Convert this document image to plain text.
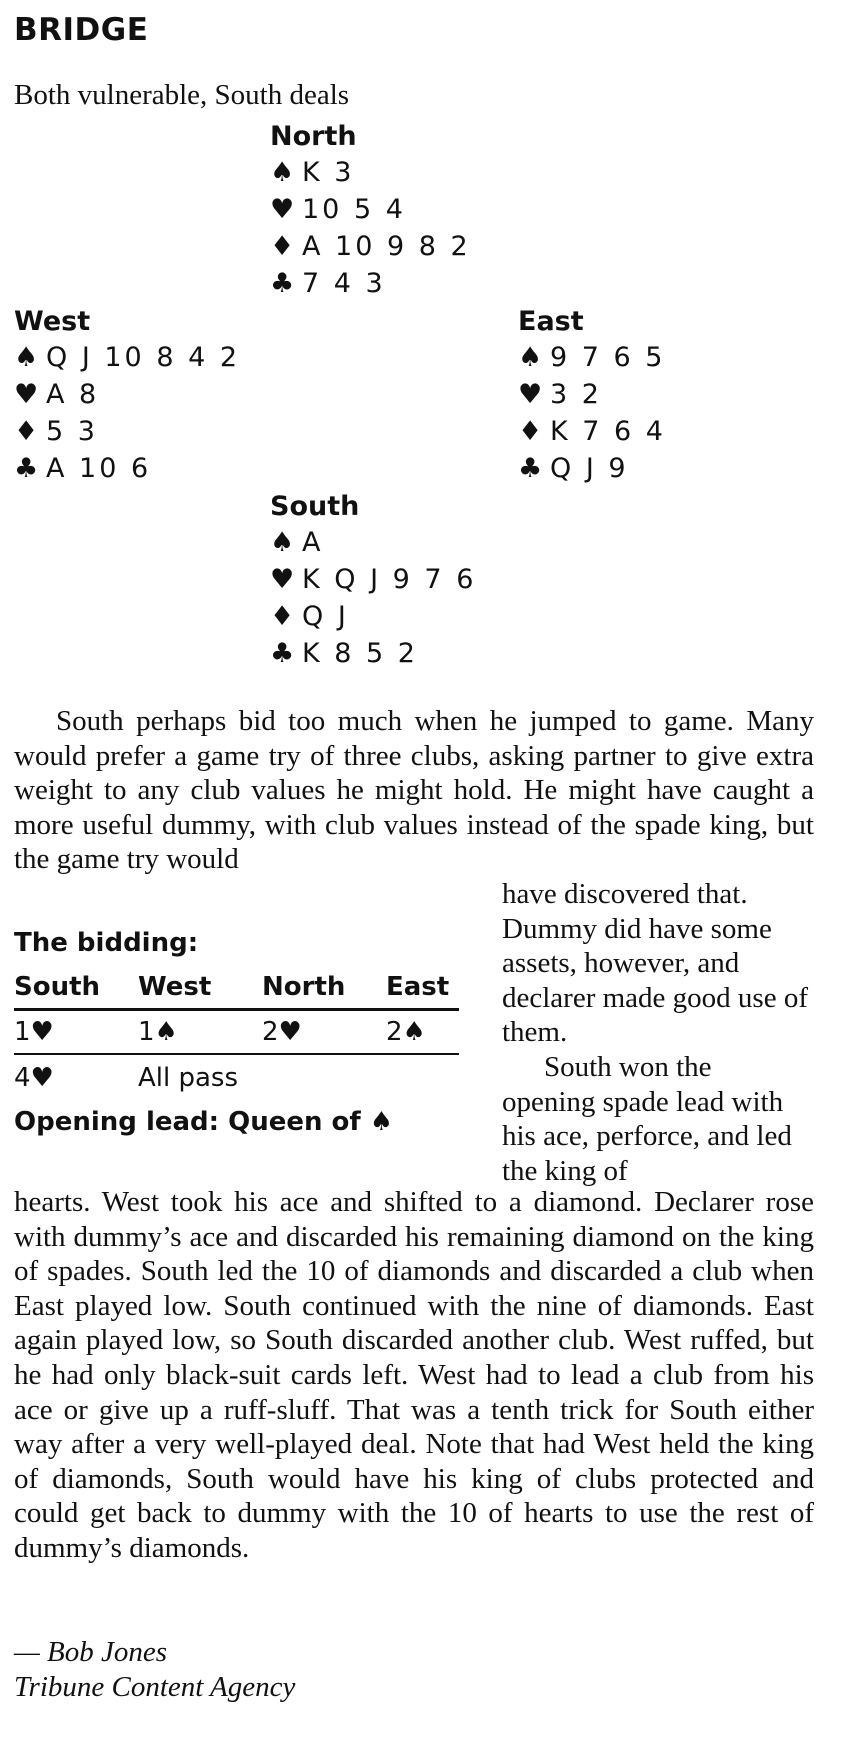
BRIDGE
Both vulnerable, South deals
North
♠ K 3
♥ 10 5 4
♦ A 10 9 8 2
♣ 7 4 3
West
♠ Q J 10 8 4 2
♥ A 8
♦ 5 3
♣ A 10 6
East
♠ 9 7 6 5
♥ 3 2
♦ K 7 6 4
♣ Q J 9
South
♠ A
♥ K Q J 9 7 6
♦ Q J
♣ K 8 5 2

South perhaps bid too much when he jumped to game. Many would prefer a game try of three clubs, asking partner to give extra weight to any club values he might hold. He might have caught a more useful dummy, with club values instead of the spade king, but the game try would

have discovered that. Dummy did have some assets, however, and declarer made good use of them.

South won the opening spade lead with his ace, perforce, and led the king of

The bidding:
South West North East
1♥	1♠	2♥	2♠
4♥	All pass
Opening lead: Queen of ♠

hearts. West took his ace and shifted to a diamond. Declarer rose with dummy’s ace and discarded his remaining diamond on the king of spades. South led the 10 of diamonds and discarded a club when East played low. South continued with the nine of diamonds. East again played low, so South discarded another club. West ruffed, but he had only black-suit cards left. West had to lead a club from his ace or give up a ruff-sluff. That was a tenth trick for South either way after a very well-played deal. Note that had West held the king of diamonds, South would have his king of clubs protected and could get back to dummy with the 10 of hearts to use the rest of dummy’s diamonds.

— Bob Jones
Tribune Content Agency
